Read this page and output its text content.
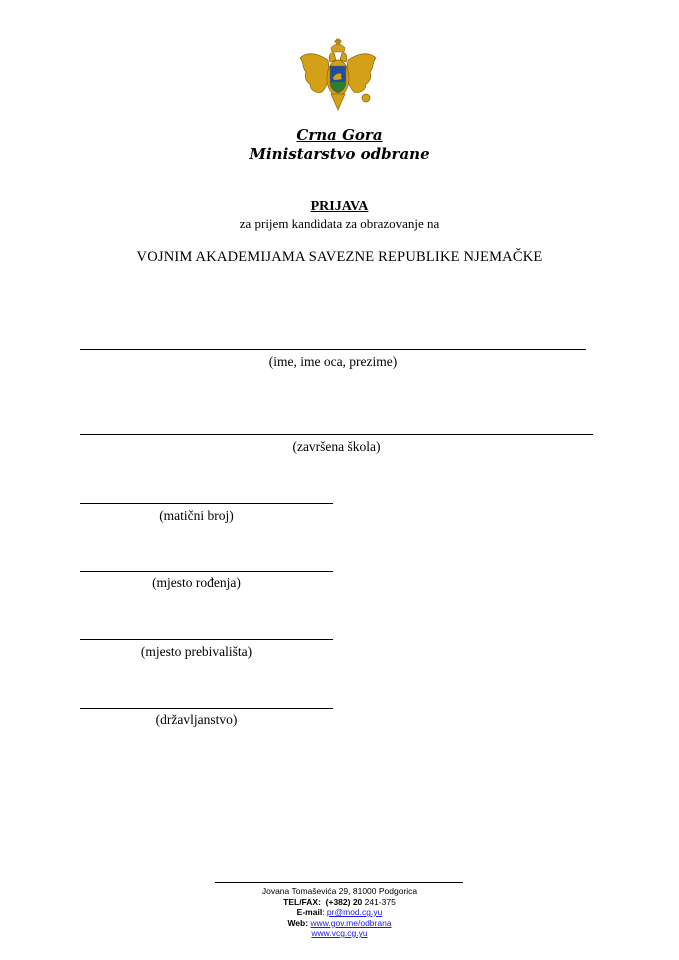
Crna Gora
Ministarstvo odbrane
PRIJAVA
za prijem kandidata za obrazovanje na
VOJNIM AKADEMIJAMA SAVEZNE REPUBLIKE NJEMAČKE
(ime, ime oca, prezime)
(završena škola)
(matični broj)
(mjesto rođenja)
(mjesto prebivališta)
(državljanstvo)
Jovana Tomaševića 29, 81000 Podgorica
TEL/FAX: (+382) 20 241-375
E-mail: pr@mod.cg.yu
Web: www.gov.me/odbrana
www.vcg.cg.yu
